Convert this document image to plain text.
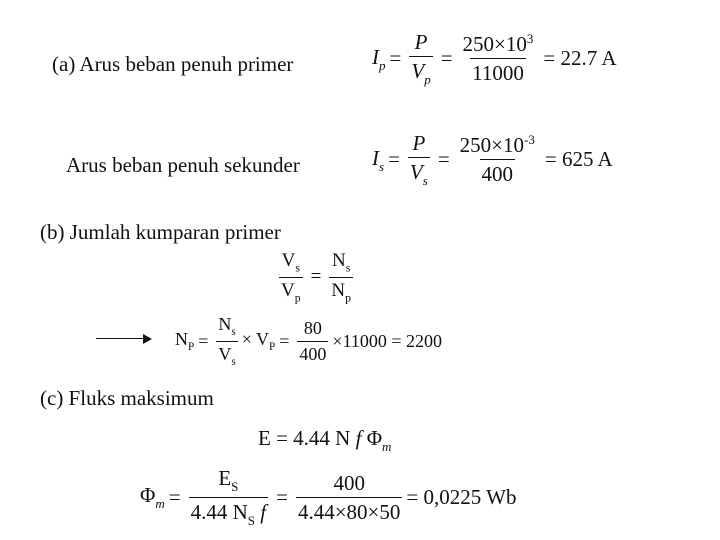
(a) Arus beban penuh primer	$I_p = \frac{P}{V_p} = \frac{250\times 10^3}{11000} = 22.7$ A
Arus beban penuh sekunder	$I_s = \frac{P}{V_s} = \frac{250\times 10^{-3}}{400} = 625$ A
(b) Jumlah kumparan primer
$\frac{V_s}{V_p} = \frac{N_s}{N_p}$
$N_P = \frac{N_s}{V_s} \times V_P = \frac{80}{400} \times 11000 = 2200$
(c) Fluks maksimum
E = 4.44 N f $\Phi_m$
$\Phi_m = \frac{E_S}{4.44 N_S f} = \frac{400}{4.44\times 80\times 50} = 0,0225$ Wb
